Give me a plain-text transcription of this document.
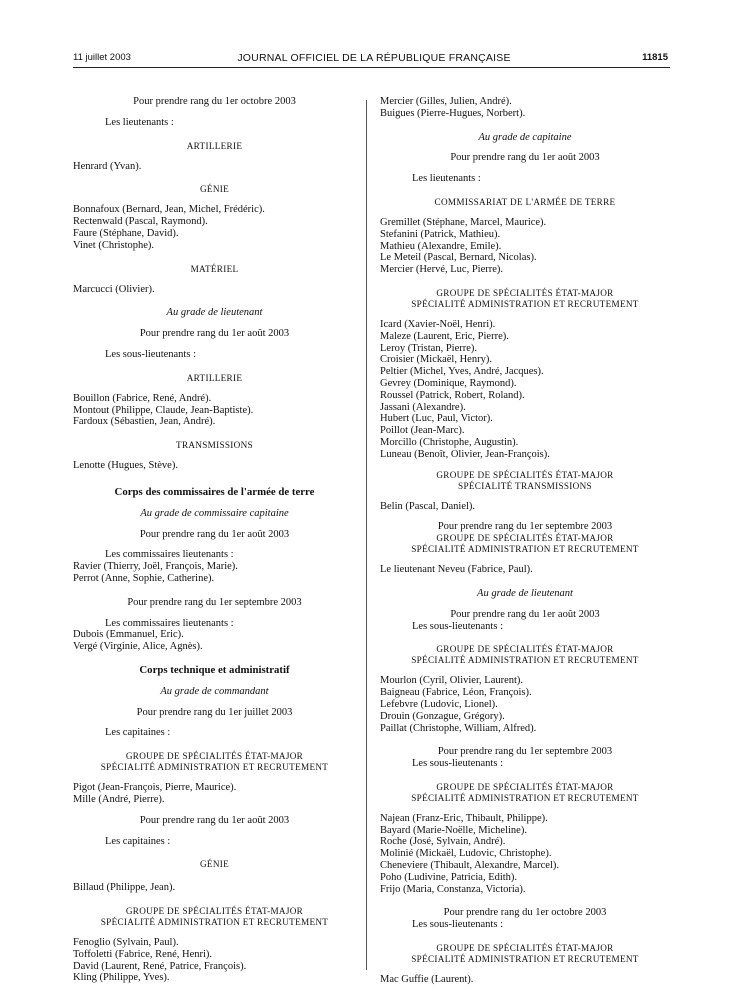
11 juillet 2003	JOURNAL OFFICIEL DE LA RÉPUBLIQUE FRANÇAISE	11815

Pour prendre rang du 1er octobre 2003

Les lieutenants :

ARTILLERIE

Henrard (Yvan).

GÉNIE

Bonnafoux (Bernard, Jean, Michel, Frédéric).

Rectenwald (Pascal, Raymond).

Faure (Stéphane, David).

Vinet (Christophe).

MATÉRIEL

Marcucci (Olivier).

Au grade de lieutenant

Pour prendre rang du 1er août 2003

Les sous-lieutenants :

ARTILLERIE

Bouillon (Fabrice, René, André).

Montout (Philippe, Claude, Jean-Baptiste).

Fardoux (Sébastien, Jean, André).

TRANSMISSIONS

Lenotte (Hugues, Stève).

Corps des commissaires de l'armée de terre

Au grade de commissaire capitaine

Pour prendre rang du 1er août 2003

Les commissaires lieutenants :

Ravier (Thierry, Joël, François, Marie).

Perrot (Anne, Sophie, Catherine).

Pour prendre rang du 1er septembre 2003

Les commissaires lieutenants :

Dubois (Emmanuel, Eric).

Vergé (Virginie, Alice, Agnès).

Corps technique et administratif

Au grade de commandant

Pour prendre rang du 1er juillet 2003

Les capitaines :

GROUPE DE SPÉCIALITÉS ÉTAT-MAJOR

SPÉCIALITÉ ADMINISTRATION ET RECRUTEMENT

Pigot (Jean-François, Pierre, Maurice).

Mille (André, Pierre).

Pour prendre rang du 1er août 2003

Les capitaines :

GÉNIE

Billaud (Philippe, Jean).

GROUPE DE SPÉCIALITÉS ÉTAT-MAJOR

SPÉCIALITÉ ADMINISTRATION ET RECRUTEMENT

Fenoglio (Sylvain, Paul).

Toffoletti (Fabrice, René, Henri).

David (Laurent, René, Patrice, François).

Kling (Philippe, Yves).

Mercier (Gilles, Julien, André).

Buigues (Pierre-Hugues, Norbert).

Au grade de capitaine

Pour prendre rang du 1er août 2003

Les lieutenants :

COMMISSARIAT DE L'ARMÉE DE TERRE

Gremillet (Stéphane, Marcel, Maurice).

Stefanini (Patrick, Mathieu).

Mathieu (Alexandre, Emile).

Le Meteil (Pascal, Bernard, Nicolas).

Mercier (Hervé, Luc, Pierre).

GROUPE DE SPÉCIALITÉS ÉTAT-MAJOR

SPÉCIALITÉ ADMINISTRATION ET RECRUTEMENT

Icard (Xavier-Noël, Henri).

Maleze (Laurent, Eric, Pierre).

Leroy (Tristan, Pierre).

Croisier (Mickaël, Henry).

Peltier (Michel, Yves, André, Jacques).

Gevrey (Dominique, Raymond).

Roussel (Patrick, Robert, Roland).

Jassani (Alexandre).

Hubert (Luc, Paul, Victor).

Poillot (Jean-Marc).

Morcillo (Christophe, Augustin).

Luneau (Benoît, Olivier, Jean-François).

GROUPE DE SPÉCIALITÉS ÉTAT-MAJOR

SPÉCIALITÉ TRANSMISSIONS

Belin (Pascal, Daniel).

Pour prendre rang du 1er septembre 2003

GROUPE DE SPÉCIALITÉS ÉTAT-MAJOR

SPÉCIALITÉ ADMINISTRATION ET RECRUTEMENT

Le lieutenant Neveu (Fabrice, Paul).

Au grade de lieutenant

Pour prendre rang du 1er août 2003

Les sous-lieutenants :

GROUPE DE SPÉCIALITÉS ÉTAT-MAJOR

SPÉCIALITÉ ADMINISTRATION ET RECRUTEMENT

Mourlon (Cyril, Olivier, Laurent).

Baigneau (Fabrice, Léon, François).

Lefebvre (Ludovic, Lionel).

Drouin (Gonzague, Grégory).

Paillat (Christophe, William, Alfred).

Pour prendre rang du 1er septembre 2003

Les sous-lieutenants :

GROUPE DE SPÉCIALITÉS ÉTAT-MAJOR

SPÉCIALITÉ ADMINISTRATION ET RECRUTEMENT

Najean (Franz-Eric, Thibault, Philippe).

Bayard (Marie-Noëlle, Micheline).

Roche (José, Sylvain, André).

Molinié (Mickaël, Ludovic, Christophe).

Cheneviere (Thibault, Alexandre, Marcel).

Poho (Ludivine, Patricia, Edith).

Frijo (Maria, Constanza, Victoria).

Pour prendre rang du 1er octobre 2003

Les sous-lieutenants :

GROUPE DE SPÉCIALITÉS ÉTAT-MAJOR

SPÉCIALITÉ ADMINISTRATION ET RECRUTEMENT

Mac Guffie (Laurent).
